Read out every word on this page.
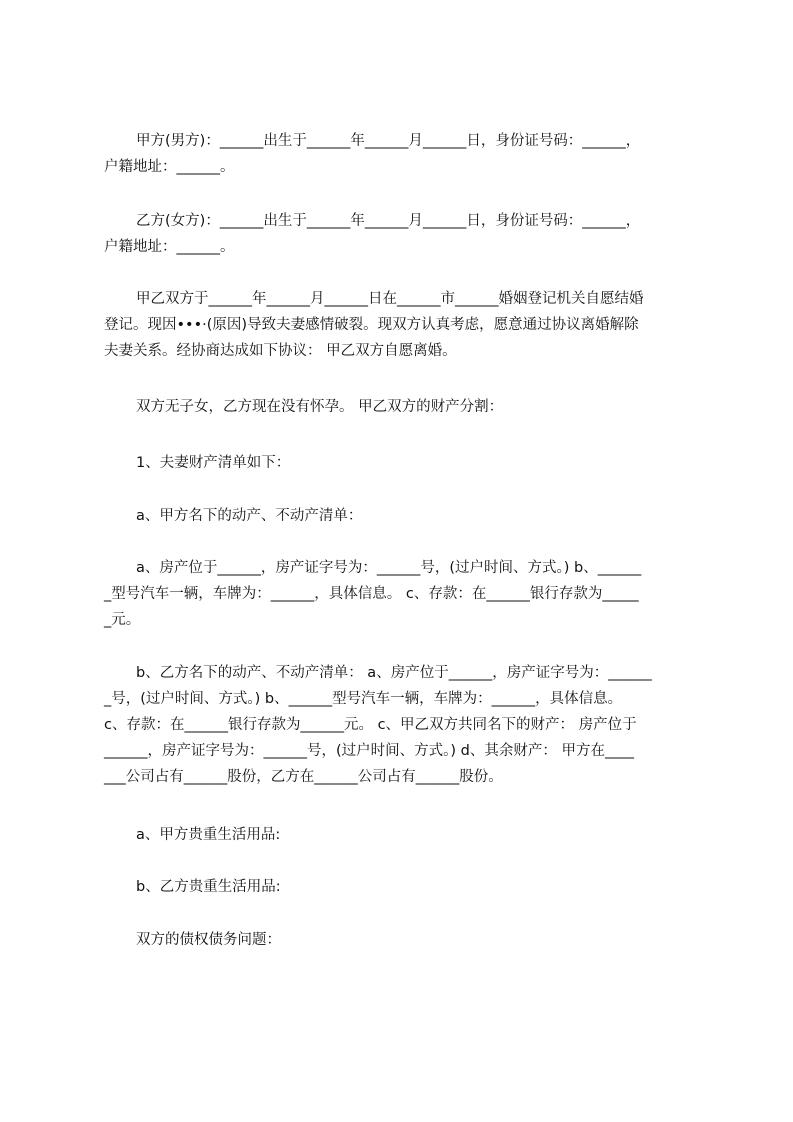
甲方(男方)：______出生于______年______月______日，身份证号码：______，
户籍地址：______。
乙方(女方)：______出生于______年______月______日，身份证号码：______，
户籍地址：______。
甲乙双方于______年______月______日在______市______婚姻登记机关自愿结婚
登记。现因•••·(原因)导致夫妻感情破裂。现双方认真考虑，愿意通过协议离婚解除
夫妻关系。经协商达成如下协议： 甲乙双方自愿离婚。
双方无子女，乙方现在没有怀孕。 甲乙双方的财产分割：
1、夫妻财产清单如下：
a、甲方名下的动产、不动产清单：
a、房产位于______，房产证字号为：______号，(过户时间、方式。) b、______
_型号汽车一辆，车牌为：______，具体信息。 c、存款：在______银行存款为_____
_元。
b、乙方名下的动产、不动产清单： a、房产位于______，房产证字号为：______
_号，(过户时间、方式。) b、______型号汽车一辆，车牌为：______，具体信息。
c、存款：在______银行存款为______元。 c、甲乙双方共同名下的财产： 房产位于
______，房产证字号为：______号，(过户时间、方式。) d、其余财产： 甲方在____
___公司占有______股份，乙方在______公司占有______股份。
a、甲方贵重生活用品:
b、乙方贵重生活用品:
双方的债权债务问题：
